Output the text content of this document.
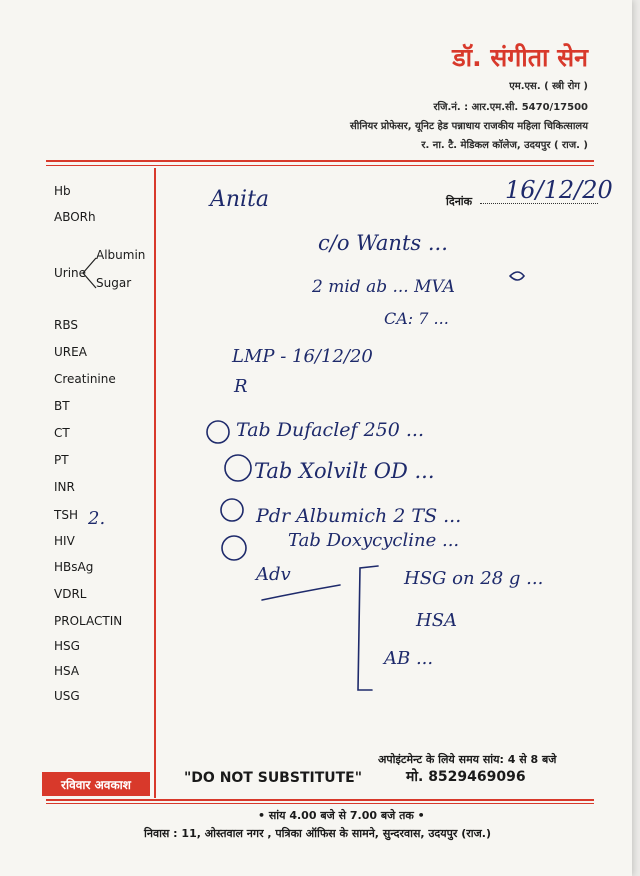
डॉ. संगीता सेन
एम.एस. ( स्त्री रोग )
रजि.नं. : आर.एम.सी. 5470/17500
सीनियर प्रोफेसर, यूनिट हेड पन्नाधाय राजकीय महिला चिकित्सालय
र. ना. टै. मेडिकल कॉलेज, उदयपुर ( राज. )
Hb
ABORh
Urine
Albumin
Sugar
RBS
UREA
Creatinine
BT
CT
PT
INR
TSH
HIV
HBsAg
VDRL
PROLACTIN
HSG
HSA
USG
दिनांक
Anita	16/12/20
c/o Wants ...
2 mid ab ... MVA
CA: 7 ...
LMP - 16/12/20
R
Tab Dufaclef 250 ...
Tab Xolvilt OD ...
Pdr Albumich 2 TS ...
Tab Doxycycline ...
Adv	HSG on 28 g ...
HSA
AB ...
2.
अपोइंटमेन्ट के लिये समय सांय: 4 से 8 बजे
मो. 8529469096
"DO NOT SUBSTITUTE"
रविवार अवकाश
• सांय 4.00 बजे से 7.00 बजे तक •
निवास : 11, ओस्तवाल नगर , पत्रिका ऑफिस के सामने, सुन्दरवास, उदयपुर (राज.)
